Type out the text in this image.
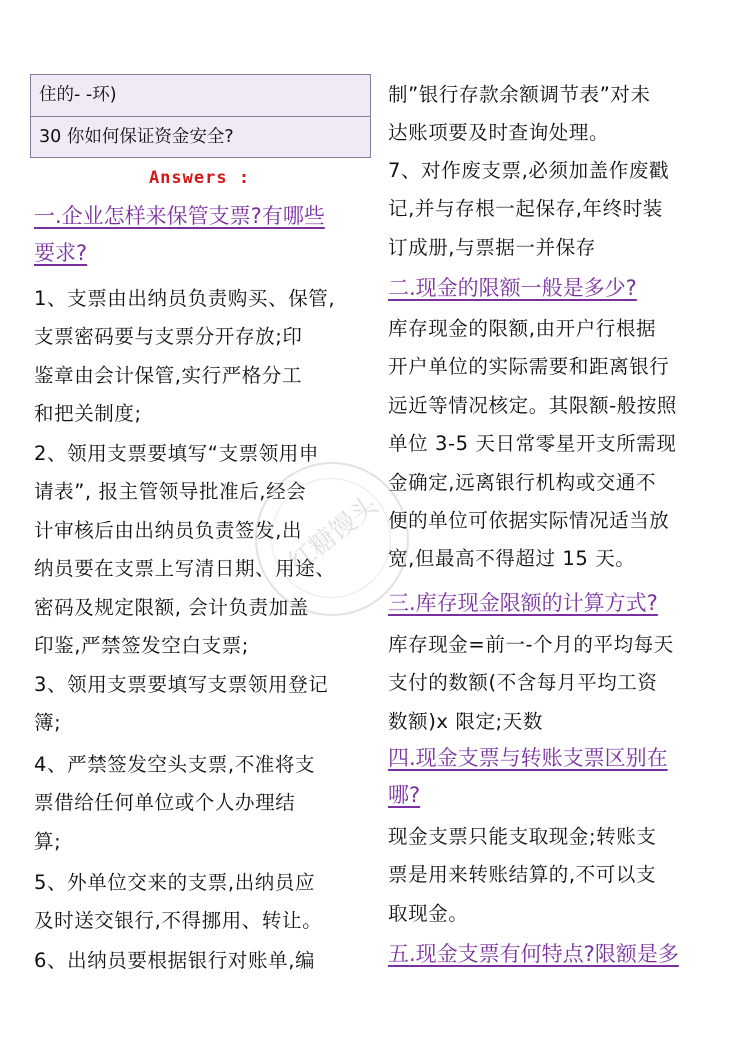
住的- -环)
30 你如何保证资金安全?
Answers :
一.企业怎样来保管支票?有哪些
要求?
1、支票由出纳员负责购买、保管,
支票密码要与支票分开存放;印
鉴章由会计保管,实行严格分工
和把关制度;
2、领用支票要填写“支票领用申
请表”, 报主管领导批准后,经会
计审核后由出纳员负责签发,出
纳员要在支票上写清日期、用途、
密码及规定限额, 会计负责加盖
印鉴,严禁签发空白支票;
3、领用支票要填写支票领用登记
簿;
4、严禁签发空头支票,不准将支
票借给任何单位或个人办理结
算;
5、外单位交来的支票,出纳员应
及时送交银行,不得挪用、转让。
6、出纳员要根据银行对账单,编
制”银行存款余额调节表”对未
达账项要及时查询处理。
7、对作废支票,必须加盖作废戳
记,并与存根一起保存,年终时装
订成册,与票据一并保存
二.现金的限额一般是多少?
库存现金的限额,由开户行根据
开户单位的实际需要和距离银行
远近等情况核定。其限额-般按照
单位 3-5 天日常零星开支所需现
金确定,远离银行机构或交通不
便的单位可依据实际情况适当放
宽,但最高不得超过 15 天。
三.库存现金限额的计算方式?
库存现金=前一-个月的平均每天
支付的数额(不含每月平均工资
数额)x 限定;天数
四.现金支票与转账支票区别在
哪?
现金支票只能支取现金;转账支
票是用来转账结算的,不可以支
取现金。
五.现金支票有何特点?限额是多
红糖馒头
